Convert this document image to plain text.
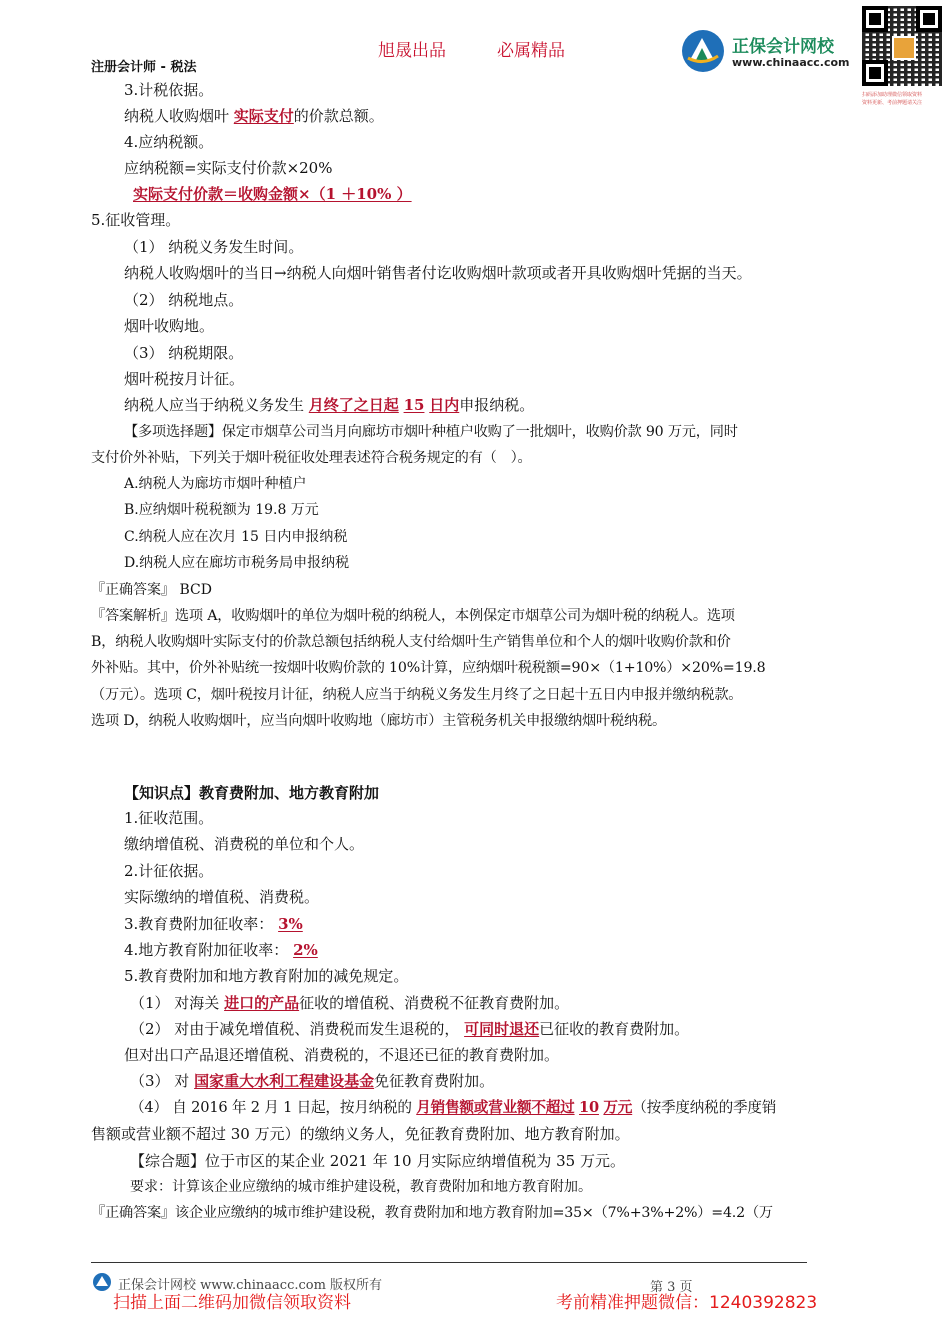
旭晟出品	必属精品
注册会计师 - 税法
正保会计网校
www.chinaacc.com
扫码添加助理微信领取资料
资料更新、考前押题请关注
3.计税依据。
纳税人收购烟叶 实际支付的价款总额。
4.应纳税额。
应纳税额=实际支付价款×20%
实际支付价款＝收购金额×（1 ＋10% ）
5.征收管理。
（1） 纳税义务发生时间。
纳税人收购烟叶的当日→纳税人向烟叶销售者付讫收购烟叶款项或者开具收购烟叶凭据的当天。
（2） 纳税地点。
烟叶收购地。
（3） 纳税期限。
烟叶税按月计征。
纳税人应当于纳税义务发生 月终了之日起 15 日内申报纳税。
【多项选择题】保定市烟草公司当月向廊坊市烟叶种植户收购了一批烟叶，收购价款 90 万元，同时
支付价外补贴，下列关于烟叶税征收处理表述符合税务规定的有（　）。
A.纳税人为廊坊市烟叶种植户
B.应纳烟叶税税额为 19.8 万元
C.纳税人应在次月 15 日内申报纳税
D.纳税人应在廊坊市税务局申报纳税
『正确答案』 BCD
『答案解析』选项 A，收购烟叶的单位为烟叶税的纳税人，本例保定市烟草公司为烟叶税的纳税人。选项
B，纳税人收购烟叶实际支付的价款总额包括纳税人支付给烟叶生产销售单位和个人的烟叶收购价款和价
外补贴。其中，价外补贴统一按烟叶收购价款的 10%计算，应纳烟叶税税额=90×（1+10%）×20%=19.8
（万元）。选项 C，烟叶税按月计征，纳税人应当于纳税义务发生月终了之日起十五日内申报并缴纳税款。
选项 D，纳税人收购烟叶，应当向烟叶收购地（廊坊市）主管税务机关申报缴纳烟叶税纳税。
【知识点】教育费附加、地方教育附加
1.征收范围。
缴纳增值税、消费税的单位和个人。
2.计征依据。
实际缴纳的增值税、消费税。
3.教育费附加征收率： 3%
4.地方教育附加征收率： 2%
5.教育费附加和地方教育附加的减免规定。
（1） 对海关 进口的产品征收的增值税、消费税不征教育费附加。
（2） 对由于减免增值税、消费税而发生退税的， 可同时退还已征收的教育费附加。
但对出口产品退还增值税、消费税的，不退还已征的教育费附加。
（3） 对 国家重大水利工程建设基金免征教育费附加。
（4） 自 2016 年 2 月 1 日起，按月纳税的 月销售额或营业额不超过 10 万元（按季度纳税的季度销
售额或营业额不超过 30 万元）的缴纳义务人，免征教育费附加、地方教育附加。
【综合题】位于市区的某企业 2021 年 10 月实际应纳增值税为 35 万元。
要求：计算该企业应缴纳的城市维护建设税，教育费附加和地方教育附加。
『正确答案』该企业应缴纳的城市维护建设税，教育费附加和地方教育附加=35×（7%+3%+2%）=4.2（万
正保会计网校 www.chinaacc.com 版权所有	第 3 页
扫描上面二维码加微信领取资料	考前精准押题微信：1240392823
